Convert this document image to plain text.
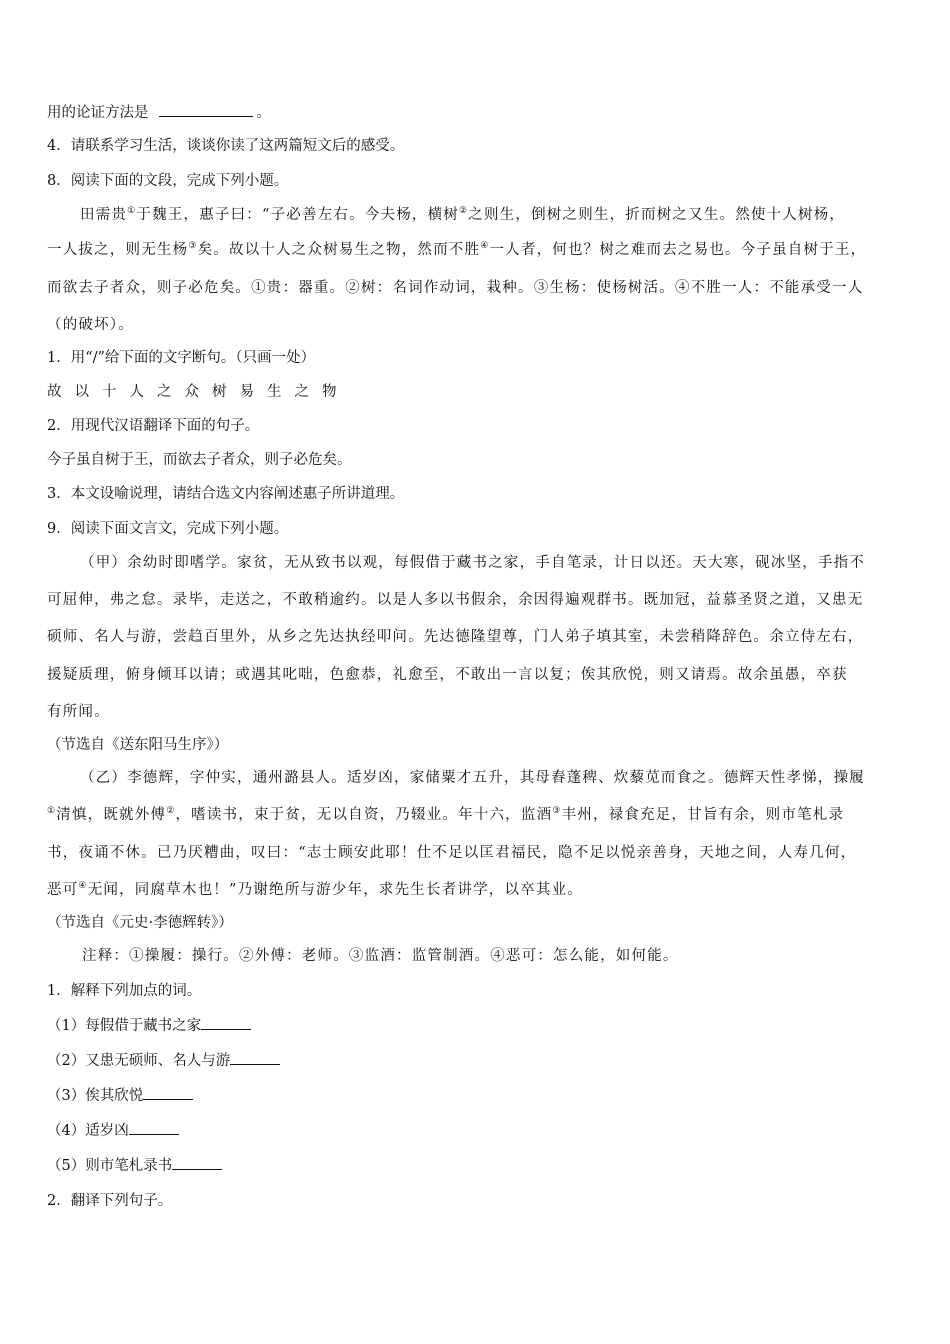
用的论证方法是	。
4．请联系学习生活，谈谈你读了这两篇短文后的感受。
8．阅读下面的文段，完成下列小题。
田需贵①于魏王，惠子曰：“子必善左右。今夫杨，横树②之则生，倒树之则生，折而树之又生。然使十人树杨，
一人拔之，则无生杨③矣。故以十人之众树易生之物，然而不胜④一人者，何也？树之难而去之易也。今子虽自树于王，
而欲去子者众，则子必危矣。①贵：器重。②树：名词作动词，栽种。③生杨：使杨树活。④不胜一人：不能承受一人
（的破坏）。
1．用“/”给下面的文字断句。（只画一处）
故以十人之众树易生之物
2．用现代汉语翻译下面的句子。
今子虽自树于王，而欲去子者众，则子必危矣。
3．本文设喻说理，请结合选文内容阐述惠子所讲道理。
9．阅读下面文言文，完成下列小题。
（甲）余幼时即嗜学。家贫，无从致书以观，每假借于藏书之家，手自笔录，计日以还。天大寒，砚冰坚，手指不
可屈伸，弗之怠。录毕，走送之，不敢稍逾约。以是人多以书假余，余因得遍观群书。既加冠，益慕圣贤之道，又患无
硕师、名人与游，尝趋百里外，从乡之先达执经叩问。先达德隆望尊，门人弟子填其室，未尝稍降辞色。余立侍左右，
援疑质理，俯身倾耳以请；或遇其叱咄，色愈恭，礼愈至，不敢出一言以复；俟其欣悦，则又请焉。故余虽愚，卒获
有所闻。
（节选自《送东阳马生序》）
（乙）李德辉，字仲实，通州潞县人。适岁凶，家储粟才五升，其母舂蓬稗、炊藜苋而食之。德辉天性孝悌，操履
①清慎，既就外傅②，嗜读书，束于贫，无以自资，乃辍业。年十六，监酒③丰州，禄食充足，甘旨有余，则市笔札录
书，夜诵不休。已乃厌糟曲，叹曰：“志士顾安此耶！仕不足以匡君福民，隐不足以悦亲善身，天地之间，人寿几何，
恶可④无闻，同腐草木也！”乃谢绝所与游少年，求先生长者讲学，以卒其业。
（节选自《元史·李德辉转》）
注释：①操履：操行。②外傅：老师。③监酒：监管制酒。④恶可：怎么能，如何能。
1．解释下列加点的词。
（1）每假借于藏书之家
（2）又患无硕师、名人与游
（3）俟其欣悦
（4）适岁凶
（5）则市笔札录书
2．翻译下列句子。
